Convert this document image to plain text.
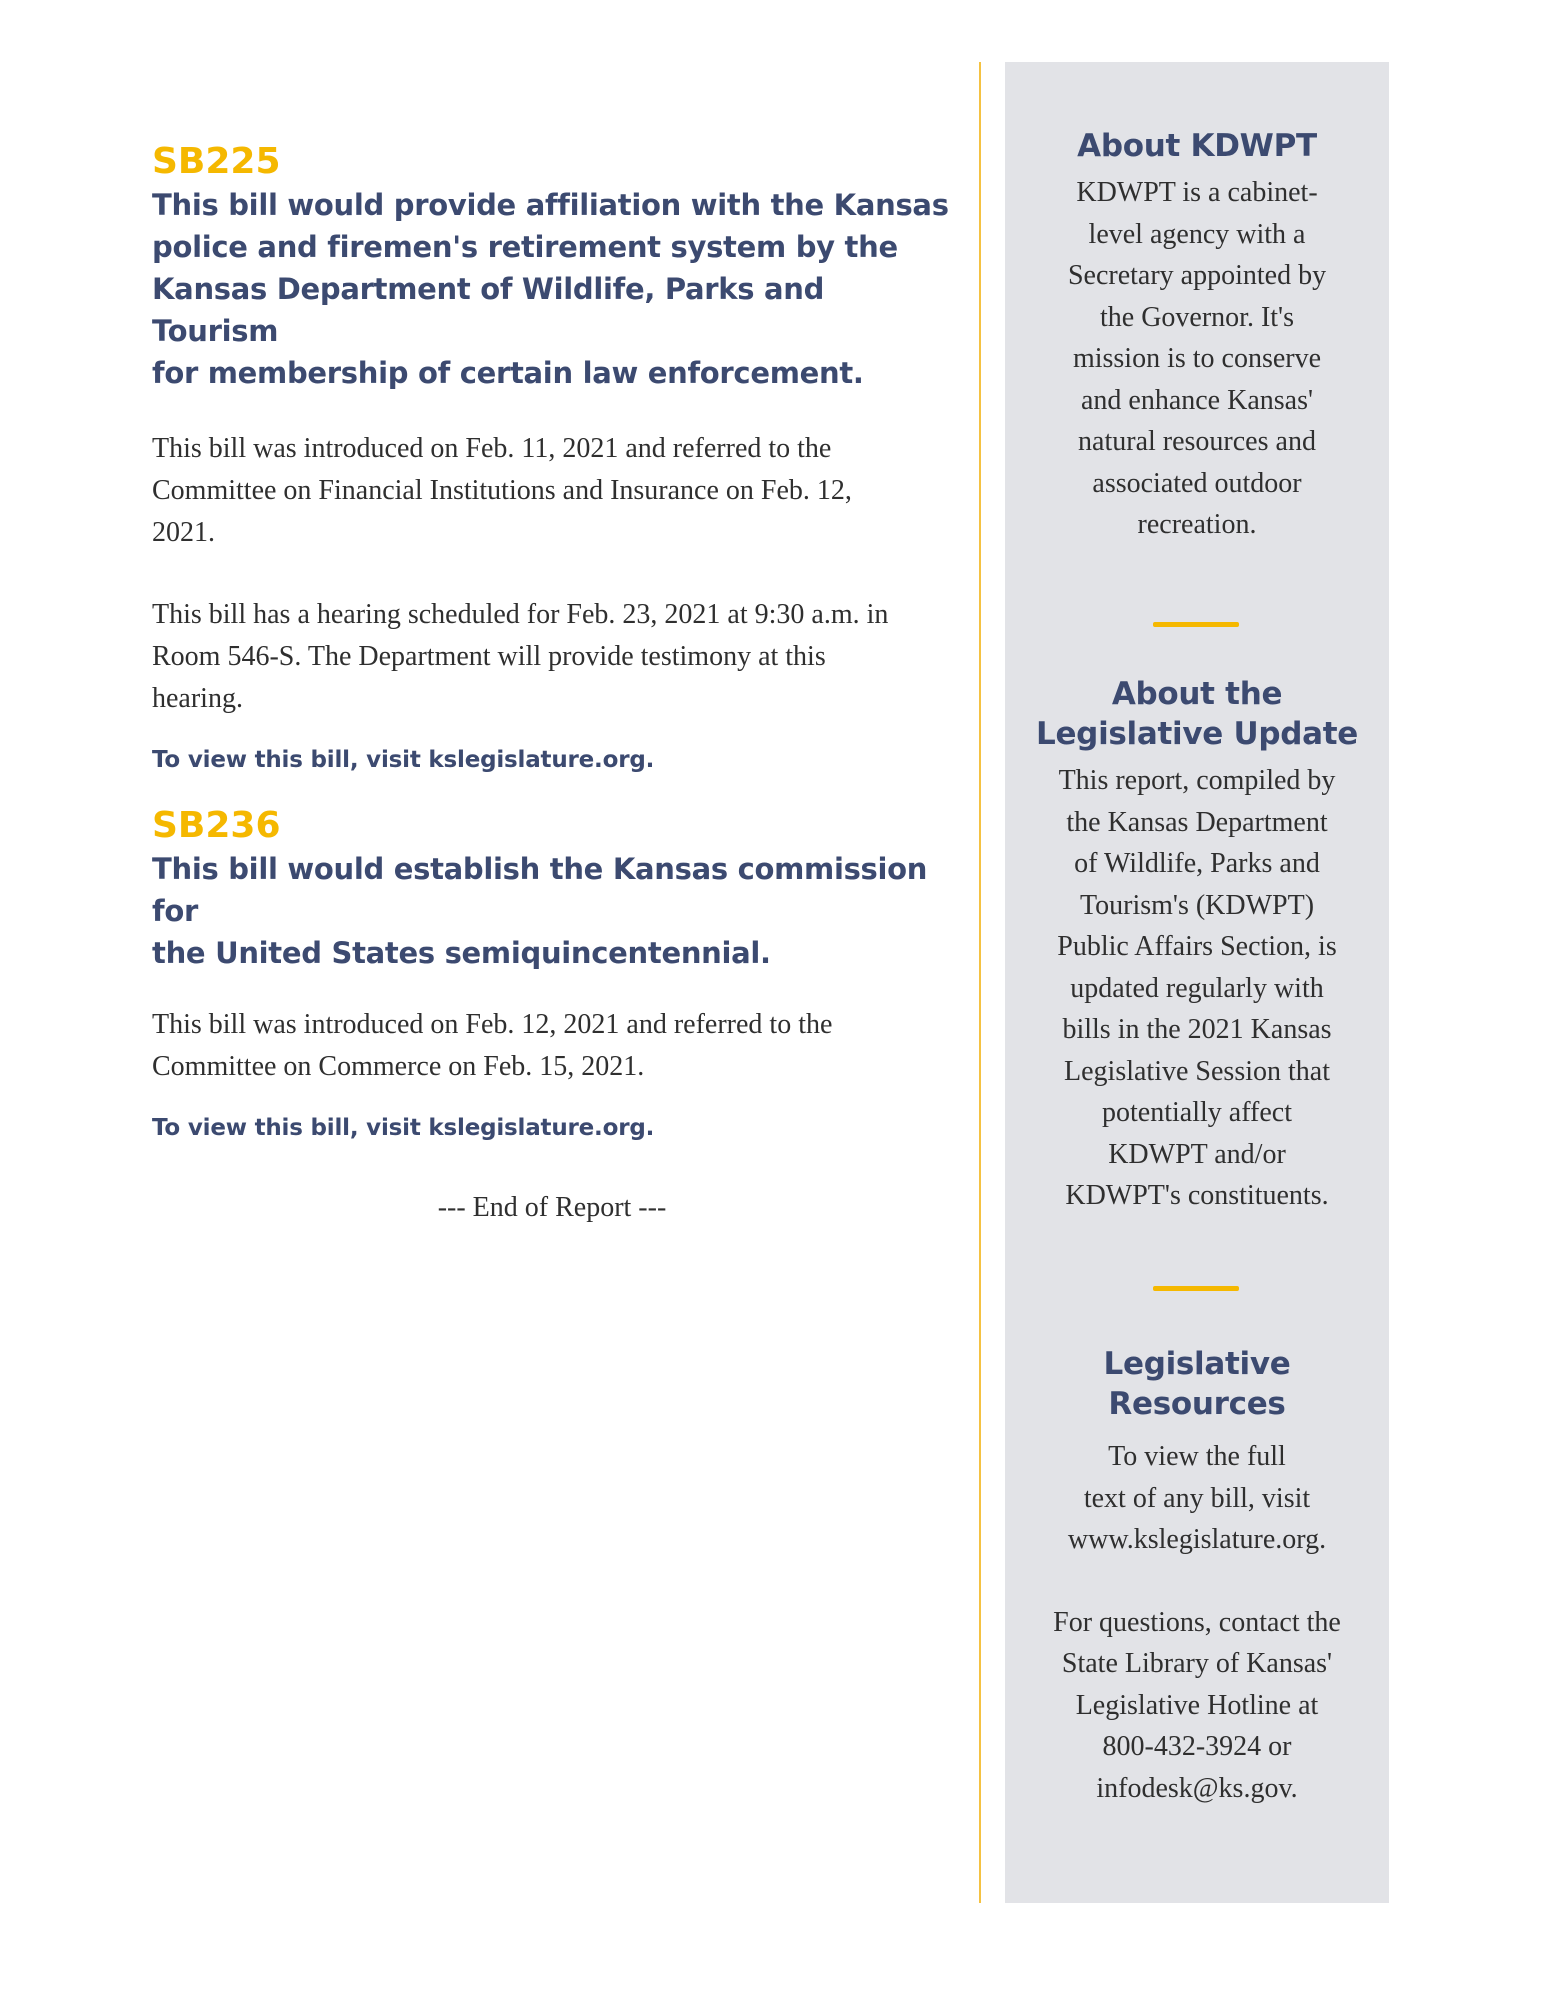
SB225
This bill would provide affiliation with the Kansas
police and firemen's retirement system by the
Kansas Department of Wildlife, Parks and Tourism
for membership of certain law enforcement.
This bill was introduced on Feb. 11, 2021 and referred to the
Committee on Financial Institutions and Insurance on Feb. 12,
2021.
This bill has a hearing scheduled for Feb. 23, 2021 at 9:30 a.m. in
Room 546-S. The Department will provide testimony at this
hearing.
To view this bill, visit kslegislature.org.
SB236
This bill would establish the Kansas commission for
the United States semiquincentennial.
This bill was introduced on Feb. 12, 2021 and referred to the
Committee on Commerce on Feb. 15, 2021.
To view this bill, visit kslegislature.org.
--- End of Report ---
About KDWPT
KDWPT is a cabinet-
level agency with a
Secretary appointed by
the Governor. It's
mission is to conserve
and enhance Kansas'
natural resources and
associated outdoor
recreation.
About the
Legislative Update
This report, compiled by
the Kansas Department
of Wildlife, Parks and
Tourism's (KDWPT)
Public Affairs Section, is
updated regularly with
bills in the 2021 Kansas
Legislative Session that
potentially affect
KDWPT and/or
KDWPT's constituents.
Legislative
Resources
To view the full
text of any bill, visit
www.kslegislature.org.
For questions, contact the
State Library of Kansas'
Legislative Hotline at
800-432-3924 or
infodesk@ks.gov.
